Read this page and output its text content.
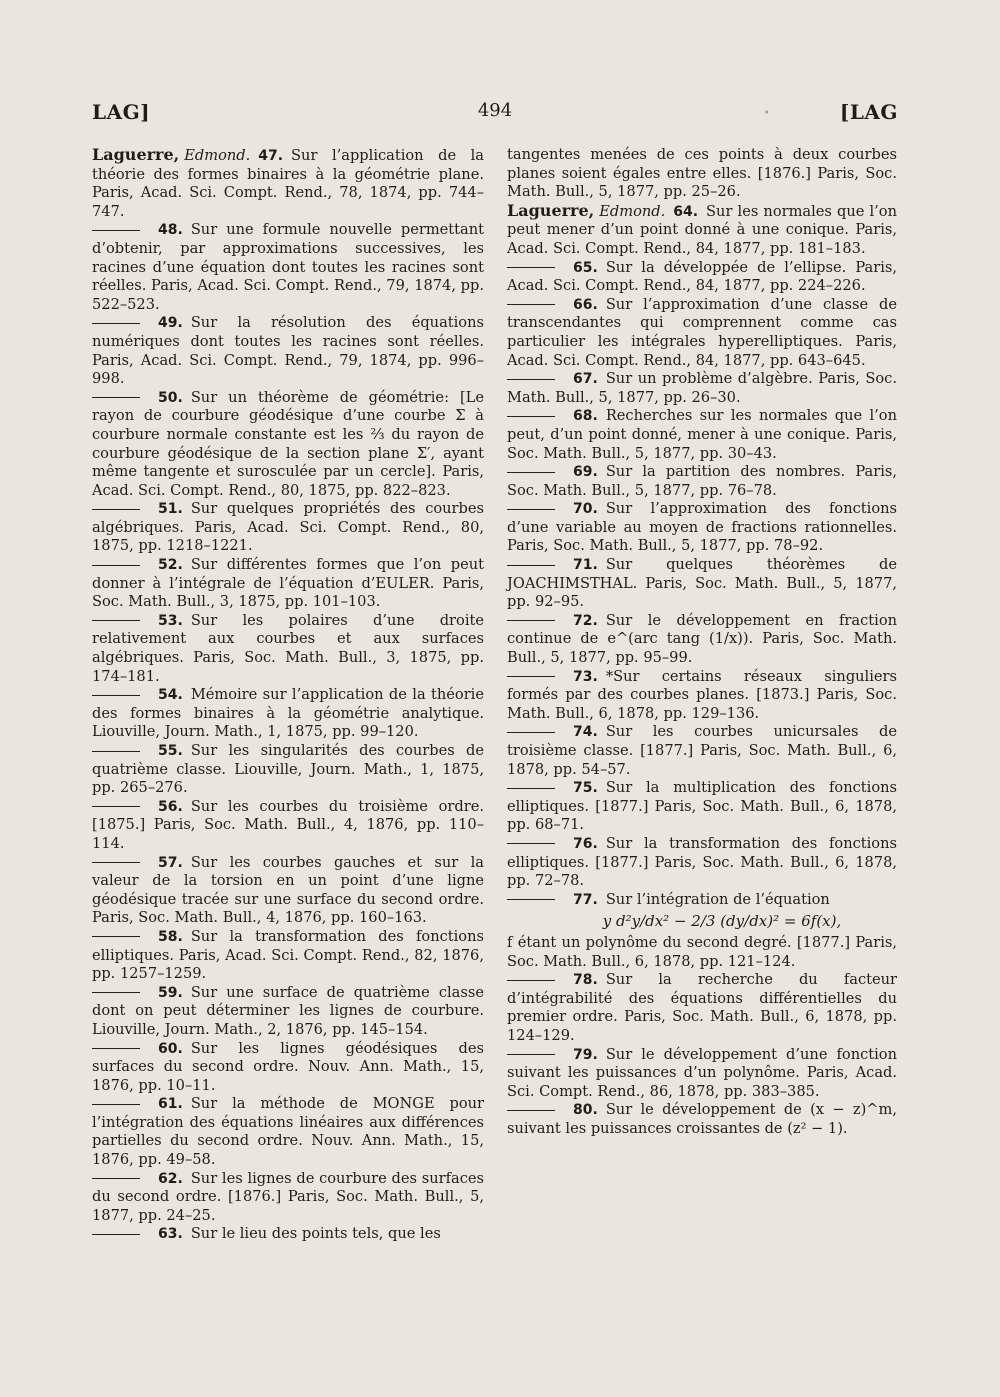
LAG]	494	•	[LAG

Laguerre, Edmond. 47. Sur l’application de la théorie des formes binaires à la géométrie plane. Paris, Acad. Sci. Compt. Rend., 78, 1874, pp. 744–747.

48. Sur une formule nouvelle permettant d’obtenir, par approximations successives, les racines d’une équation dont toutes les racines sont réelles. Paris, Acad. Sci. Compt. Rend., 79, 1874, pp. 522–523.

49. Sur la résolution des équations numériques dont toutes les racines sont réelles. Paris, Acad. Sci. Compt. Rend., 79, 1874, pp. 996–998.

50. Sur un théorème de géométrie: [Le rayon de courbure géodésique d’une courbe Σ à courbure normale constante est les ⅔ du rayon de courbure géodésique de la section plane Σ′, ayant même tangente et surosculée par un cercle]. Paris, Acad. Sci. Compt. Rend., 80, 1875, pp. 822–823.

51. Sur quelques propriétés des courbes algébriques. Paris, Acad. Sci. Compt. Rend., 80, 1875, pp. 1218–1221.

52. Sur différentes formes que l’on peut donner à l’intégrale de l’équation d’EULER. Paris, Soc. Math. Bull., 3, 1875, pp. 101–103.

53. Sur les polaires d’une droite relativement aux courbes et aux surfaces algébriques. Paris, Soc. Math. Bull., 3, 1875, pp. 174–181.

54. Mémoire sur l’application de la théorie des formes binaires à la géométrie analytique. Liouville, Journ. Math., 1, 1875, pp. 99–120.

55. Sur les singularités des courbes de quatrième classe. Liouville, Journ. Math., 1, 1875, pp. 265–276.

56. Sur les courbes du troisième ordre. [1875.] Paris, Soc. Math. Bull., 4, 1876, pp. 110–114.

57. Sur les courbes gauches et sur la valeur de la torsion en un point d’une ligne géodésique tracée sur une surface du second ordre. Paris, Soc. Math. Bull., 4, 1876, pp. 160–163.

58. Sur la transformation des fonctions elliptiques. Paris, Acad. Sci. Compt. Rend., 82, 1876, pp. 1257–1259.

59. Sur une surface de quatrième classe dont on peut déterminer les lignes de courbure. Liouville, Journ. Math., 2, 1876, pp. 145–154.

60. Sur les lignes géodésiques des surfaces du second ordre. Nouv. Ann. Math., 15, 1876, pp. 10–11.

61. Sur la méthode de MONGE pour l’intégration des équations linéaires aux différences partielles du second ordre. Nouv. Ann. Math., 15, 1876, pp. 49–58.

62. Sur les lignes de courbure des surfaces du second ordre. [1876.] Paris, Soc. Math. Bull., 5, 1877, pp. 24–25.

63. Sur le lieu des points tels, que les

tangentes menées de ces points à deux courbes planes soient égales entre elles. [1876.] Paris, Soc. Math. Bull., 5, 1877, pp. 25–26.

Laguerre, Edmond. 64. Sur les normales que l’on peut mener d’un point donné à une conique. Paris, Acad. Sci. Compt. Rend., 84, 1877, pp. 181–183.

65. Sur la développée de l’ellipse. Paris, Acad. Sci. Compt. Rend., 84, 1877, pp. 224–226.

66. Sur l’approximation d’une classe de transcendantes qui comprennent comme cas particulier les intégrales hyperelliptiques. Paris, Acad. Sci. Compt. Rend., 84, 1877, pp. 643–645.

67. Sur un problème d’algèbre. Paris, Soc. Math. Bull., 5, 1877, pp. 26–30.

68. Recherches sur les normales que l’on peut, d’un point donné, mener à une conique. Paris, Soc. Math. Bull., 5, 1877, pp. 30–43.

69. Sur la partition des nombres. Paris, Soc. Math. Bull., 5, 1877, pp. 76–78.

70. Sur l’approximation des fonctions d’une variable au moyen de fractions rationnelles. Paris, Soc. Math. Bull., 5, 1877, pp. 78–92.

71. Sur quelques théorèmes de JOACHIMSTHAL. Paris, Soc. Math. Bull., 5, 1877, pp. 92–95.

72. Sur le développement en fraction continue de e^(arc tang (1/x)). Paris, Soc. Math. Bull., 5, 1877, pp. 95–99.

73. *Sur certains réseaux singuliers formés par des courbes planes. [1873.] Paris, Soc. Math. Bull., 6, 1878, pp. 129–136.

74. Sur les courbes unicursales de troisième classe. [1877.] Paris, Soc. Math. Bull., 6, 1878, pp. 54–57.

75. Sur la multiplication des fonctions elliptiques. [1877.] Paris, Soc. Math. Bull., 6, 1878, pp. 68–71.

76. Sur la transformation des fonctions elliptiques. [1877.] Paris, Soc. Math. Bull., 6, 1878, pp. 72–78.

77. Sur l’intégration de l’équation

y d²y/dx² − 2/3 (dy/dx)² = 6f(x),

f étant un polynôme du second degré. [1877.] Paris, Soc. Math. Bull., 6, 1878, pp. 121–124.

78. Sur la recherche du facteur d’intégrabilité des équations différentielles du premier ordre. Paris, Soc. Math. Bull., 6, 1878, pp. 124–129.

79. Sur le développement d’une fonction suivant les puissances d’un polynôme. Paris, Acad. Sci. Compt. Rend., 86, 1878, pp. 383–385.

80. Sur le développement de (x − z)^m, suivant les puissances croissantes de (z² − 1).
